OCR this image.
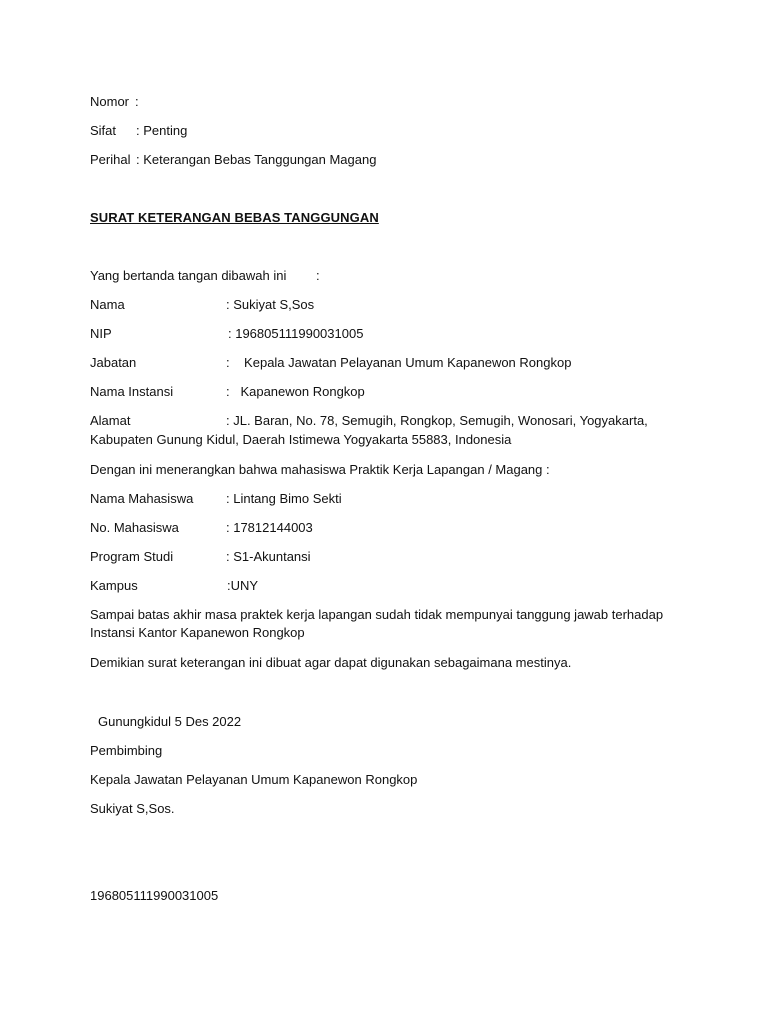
Nomor :
Sifat : Penting
Perihal : Keterangan Bebas Tanggungan Magang
SURAT KETERANGAN BEBAS TANGGUNGAN
Yang bertanda tangan dibawah ini :
Nama	: Sukiyat S,Sos
NIP	: 196805111990031005
Jabatan	:    Kepala Jawatan Pelayanan Umum Kapanewon Rongkop
Nama Instansi	:   Kapanewon Rongkop
Alamat	: JL. Baran, No. 78, Semugih, Rongkop, Semugih, Wonosari, Yogyakarta,
Kabupaten Gunung Kidul, Daerah Istimewa Yogyakarta 55883, Indonesia
Dengan ini menerangkan bahwa mahasiswa Praktik Kerja Lapangan / Magang :
Nama Mahasiswa	: Lintang Bimo Sekti
No. Mahasiswa	: 17812144003
Program Studi	: S1-Akuntansi
Kampus	:UNY
Sampai batas akhir masa praktek kerja lapangan sudah tidak mempunyai tanggung jawab terhadap Instansi Kantor Kapanewon Rongkop
Demikian surat keterangan ini dibuat agar dapat digunakan sebagaimana mestinya.
Gunungkidul 5 Des 2022
Pembimbing
Kepala Jawatan Pelayanan Umum Kapanewon Rongkop
Sukiyat S,Sos.
196805111990031005
